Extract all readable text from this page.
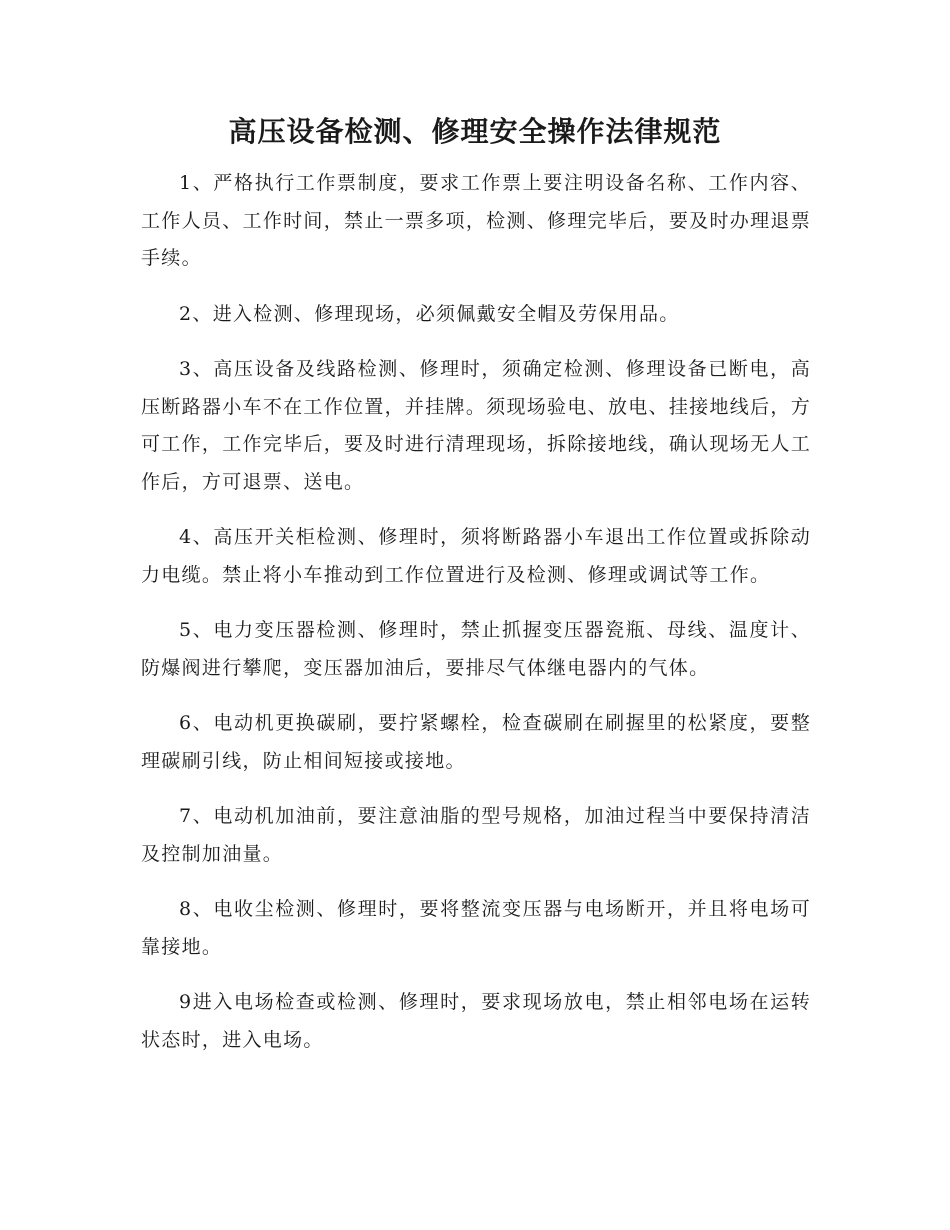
高压设备检测、修理安全操作法律规范

1、严格执行工作票制度，要求工作票上要注明设备名称、工作内容、工作人员、工作时间，禁止一票多项，检测、修理完毕后，要及时办理退票手续。

2、进入检测、修理现场，必须佩戴安全帽及劳保用品。

3、高压设备及线路检测、修理时，须确定检测、修理设备已断电，高压断路器小车不在工作位置，并挂牌。须现场验电、放电、挂接地线后，方可工作，工作完毕后，要及时进行清理现场，拆除接地线，确认现场无人工作后，方可退票、送电。

4、高压开关柜检测、修理时，须将断路器小车退出工作位置或拆除动力电缆。禁止将小车推动到工作位置进行及检测、修理或调试等工作。

5、电力变压器检测、修理时，禁止抓握变压器瓷瓶、母线、温度计、防爆阀进行攀爬，变压器加油后，要排尽气体继电器内的气体。

6、电动机更换碳刷，要拧紧螺栓，检查碳刷在刷握里的松紧度，要整理碳刷引线，防止相间短接或接地。

7、电动机加油前，要注意油脂的型号规格，加油过程当中要保持清洁及控制加油量。

8、电收尘检测、修理时，要将整流变压器与电场断开，并且将电场可靠接地。

9进入电场检查或检测、修理时，要求现场放电，禁止相邻电场在运转状态时，进入电场。
